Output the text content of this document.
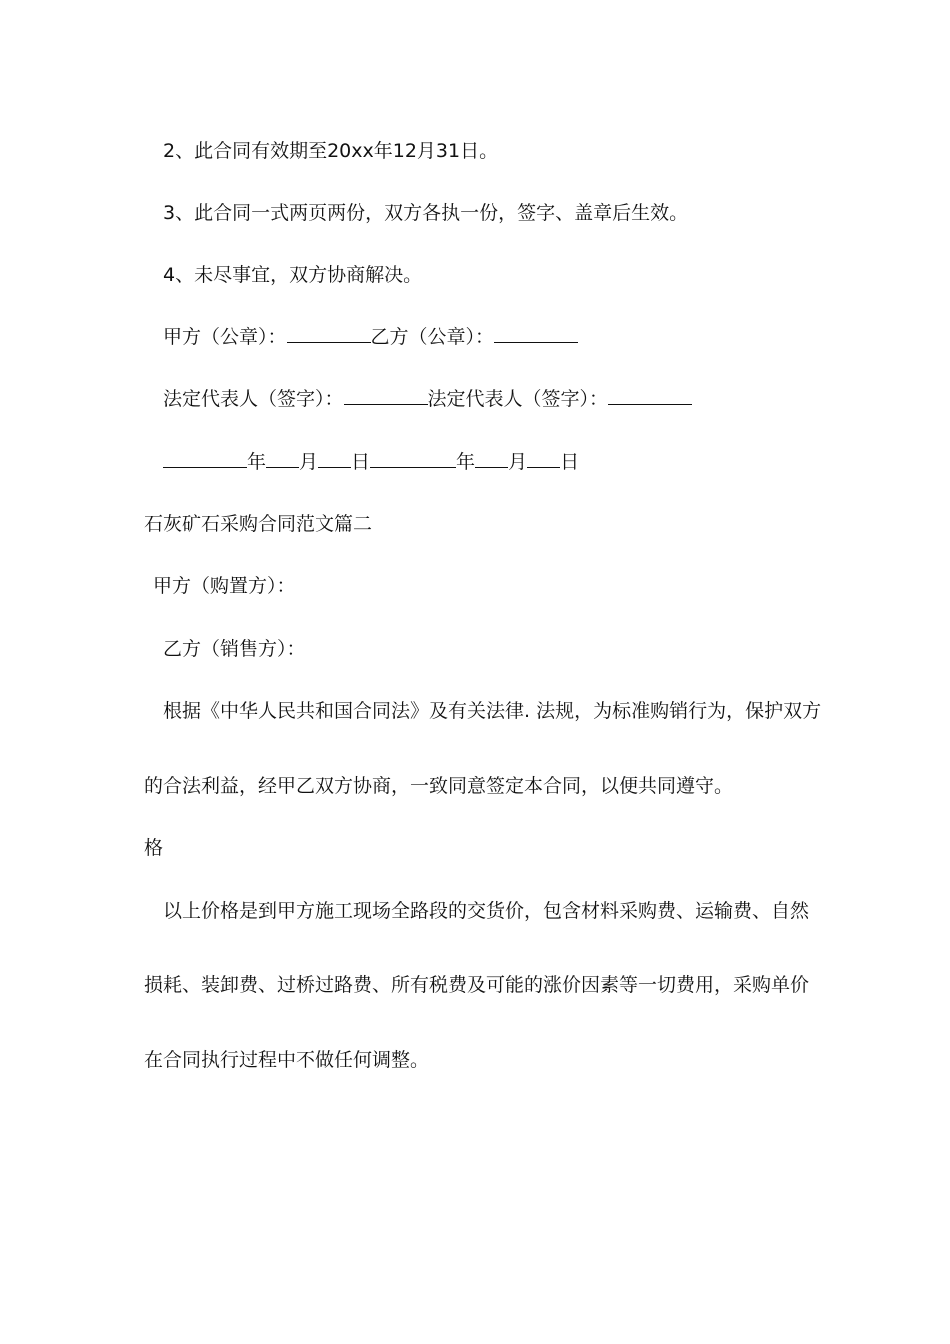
2、此合同有效期至20xx年12月31日。
3、此合同一式两页两份，双方各执一份，签字、盖章后生效。
4、未尽事宜，双方协商解决。
甲方（公章）：	乙方（公章）：
法定代表人（签字）：	法定代表人（签字）：
年 月 日	年 月 日
石灰矿石采购合同范文篇二
甲方（购置方）：
乙方（销售方）：
根据《中华人民共和国合同法》及有关法律. 法规，为标准购销行为，保护双方
的合法利益，经甲乙双方协商，一致同意签定本合同，以便共同遵守。
格
以上价格是到甲方施工现场全路段的交货价，包含材料采购费、运输费、自然
损耗、装卸费、过桥过路费、所有税费及可能的涨价因素等一切费用，采购单价
在合同执行过程中不做任何调整。
